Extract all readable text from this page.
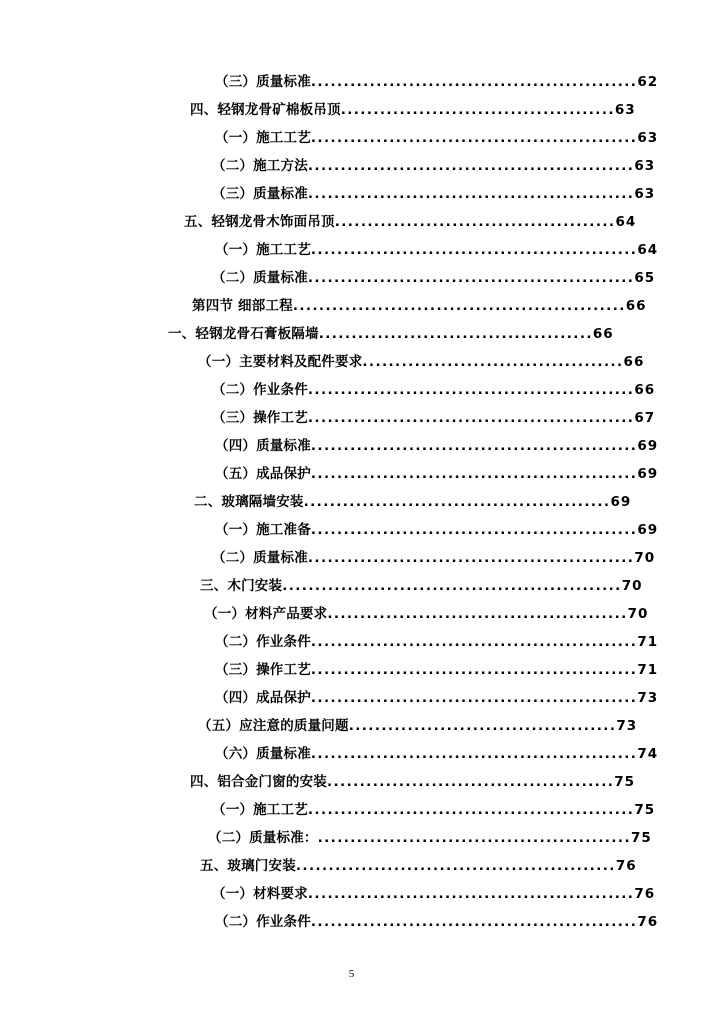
（三）质量标准..................................................62
四、轻钢龙骨矿棉板吊顶..........................................63
（一）施工工艺..................................................63
（二）施工方法..................................................63
（三）质量标准..................................................63
五、轻钢龙骨木饰面吊顶...........................................64
（一）施工工艺..................................................64
（二）质量标准..................................................65
第四节 细部工程...................................................66
一、轻钢龙骨石膏板隔墙..........................................66
（一）主要材料及配件要求........................................66
（二）作业条件..................................................66
（三）操作工艺..................................................67
（四）质量标准..................................................69
（五）成品保护..................................................69
二、玻璃隔墙安装...............................................69
（一）施工准备..................................................69
（二）质量标准..................................................70
三、木门安装....................................................70
（一）材料产品要求..............................................70
（二）作业条件..................................................71
（三）操作工艺..................................................71
（四）成品保护..................................................73
（五）应注意的质量问题.........................................73
（六）质量标准..................................................74
四、铝合金门窗的安装............................................75
（一）施工工艺..................................................75
（二）质量标准：................................................75
五、玻璃门安装.................................................76
（一）材料要求..................................................76
（二）作业条件..................................................76
5
